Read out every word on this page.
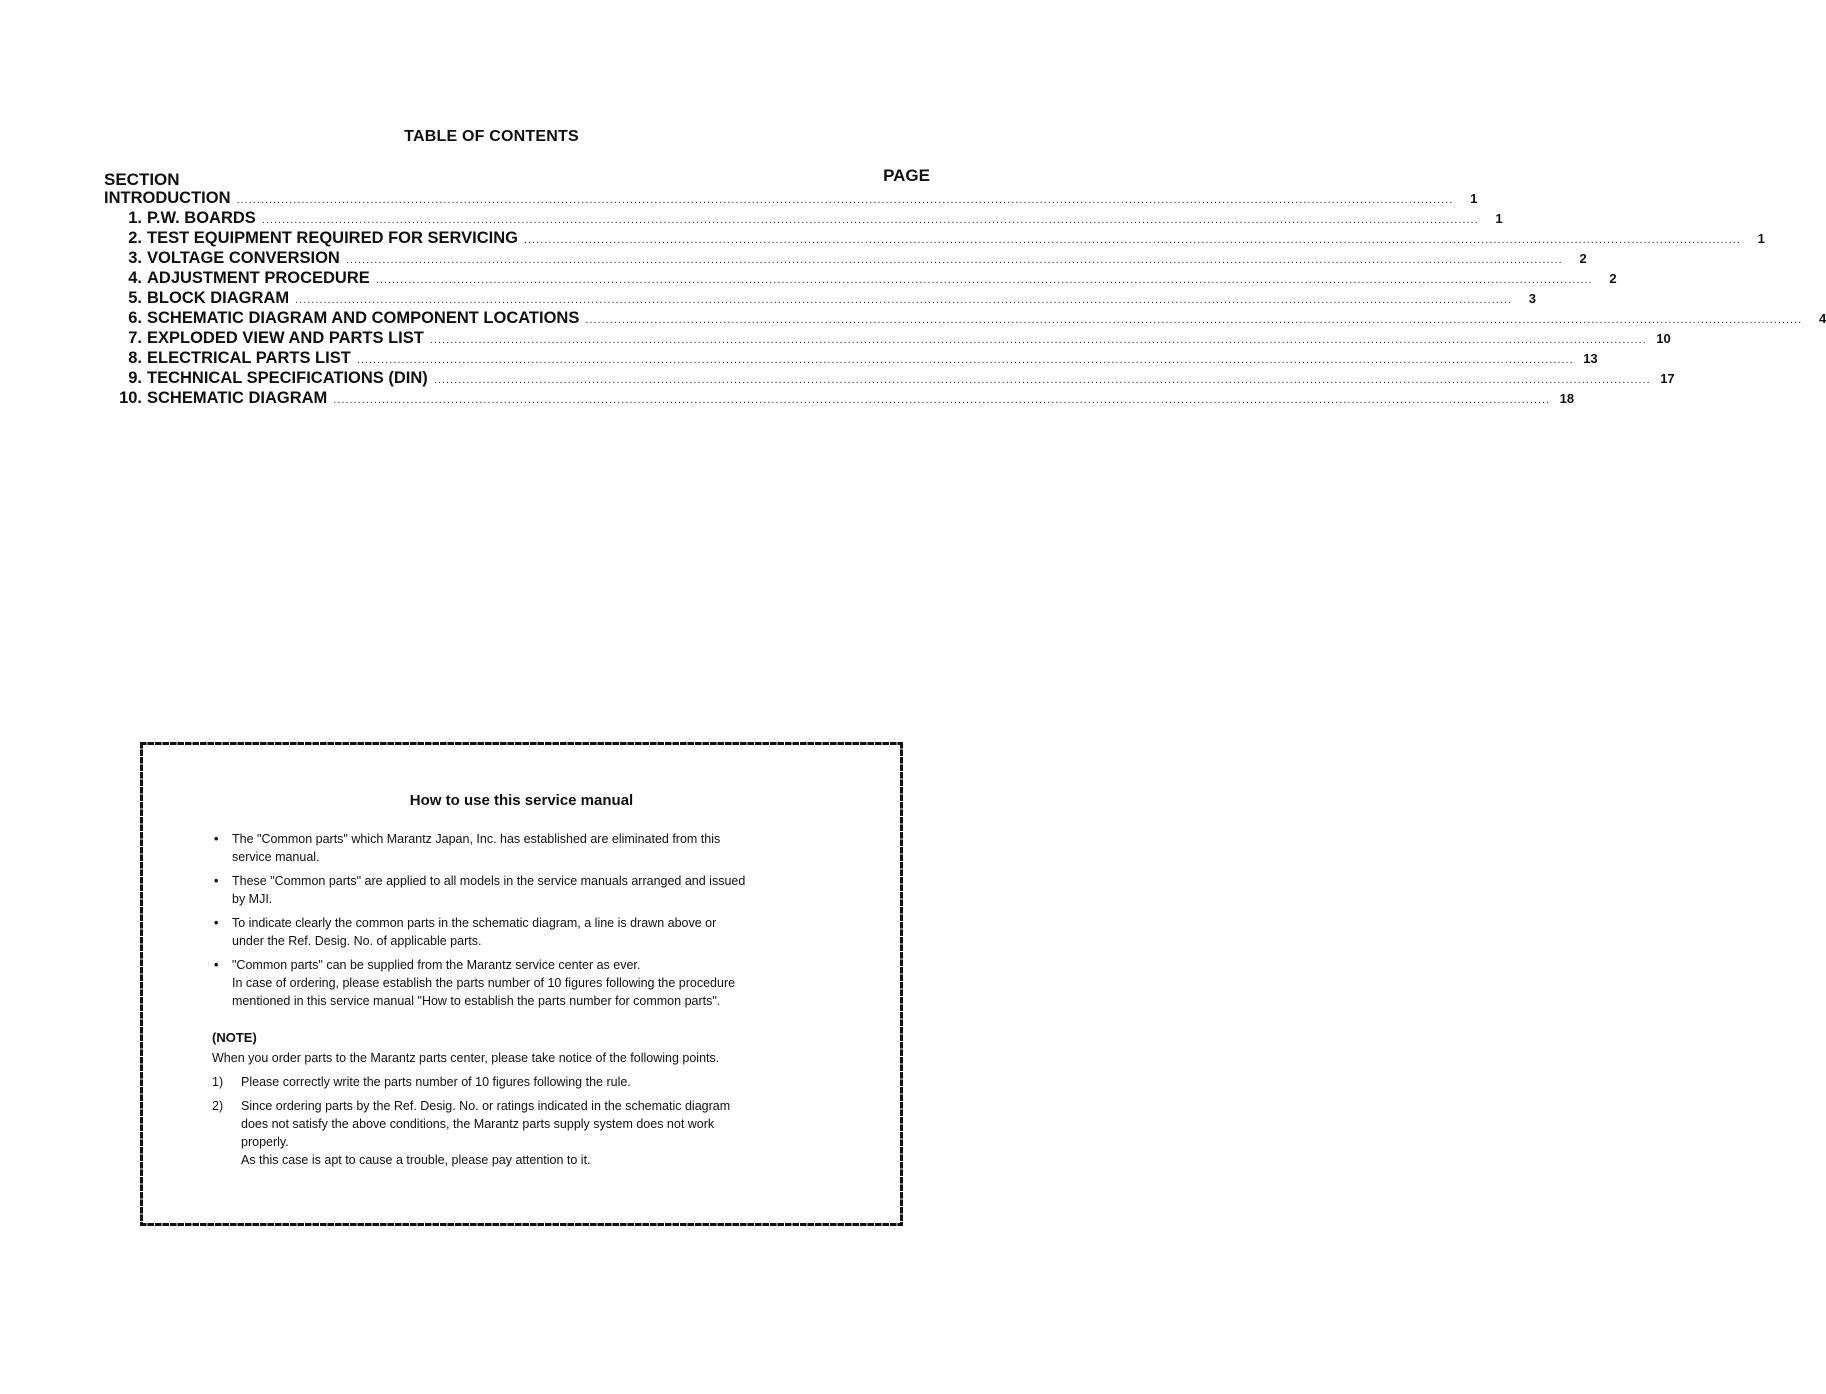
TABLE OF CONTENTS
SECTION	PAGE
INTRODUCTION ............................................................................................................................................................................................................................................................................................................	1
1. P.W. BOARDS ............................................................................................................................................................................................................................................................................................................	1
2. TEST EQUIPMENT REQUIRED FOR SERVICING ............................................................................................................................................................................................................................................................................................................	1
3. VOLTAGE CONVERSION ............................................................................................................................................................................................................................................................................................................	2
4. ADJUSTMENT PROCEDURE ............................................................................................................................................................................................................................................................................................................	2
5. BLOCK DIAGRAM ............................................................................................................................................................................................................................................................................................................	3
6. SCHEMATIC DIAGRAM AND COMPONENT LOCATIONS ............................................................................................................................................................................................................................................................................................................	4
7. EXPLODED VIEW AND PARTS LIST ............................................................................................................................................................................................................................................................................................................ 10
8. ELECTRICAL PARTS LIST ............................................................................................................................................................................................................................................................................................................ 13
9. TECHNICAL SPECIFICATIONS (DIN) ............................................................................................................................................................................................................................................................................................................ 17
10. SCHEMATIC DIAGRAM ............................................................................................................................................................................................................................................................................................................ 18
How to use this service manual
• The "Common parts" which Marantz Japan, Inc. has established are eliminated from this
service manual.
• These "Common parts" are applied to all models in the service manuals arranged and issued
by MJI.
• To indicate clearly the common parts in the schematic diagram, a line is drawn above or
under the Ref. Desig. No. of applicable parts.
• "Common parts" can be supplied from the Marantz service center as ever.
In case of ordering, please establish the parts number of 10 figures following the procedure
mentioned in this service manual "How to establish the parts number for common parts".
(NOTE)
When you order parts to the Marantz parts center, please take notice of the following points.
1) Please correctly write the parts number of 10 figures following the rule.
2) Since ordering parts by the Ref. Desig. No. or ratings indicated in the schematic diagram
does not satisfy the above conditions, the Marantz parts supply system does not work
properly.
As this case is apt to cause a trouble, please pay attention to it.
